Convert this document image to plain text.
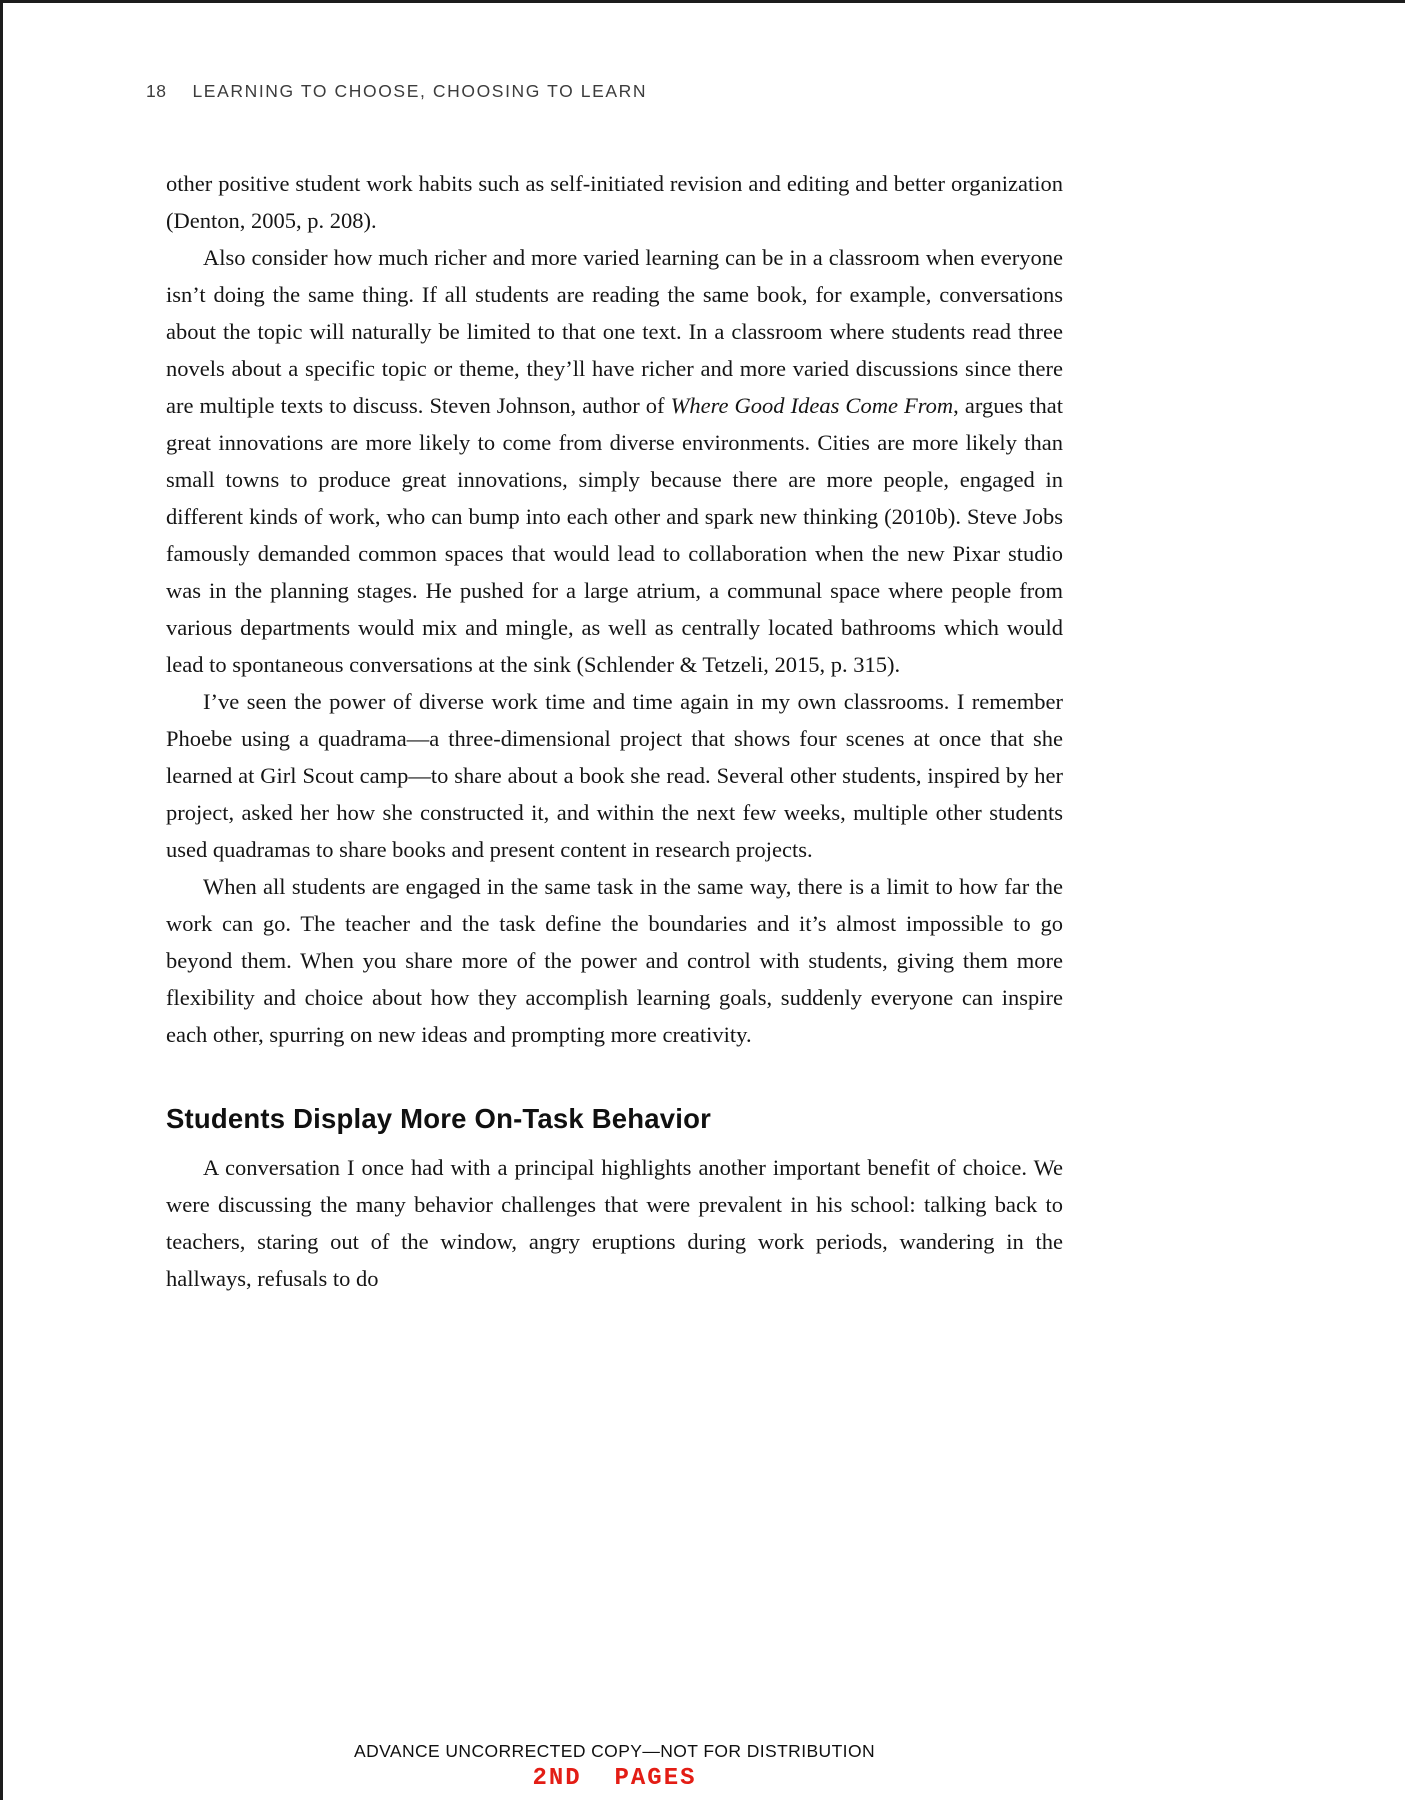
18 LEARNING TO CHOOSE, CHOOSING TO LEARN

other positive student work habits such as self-initiated revision and editing and better organization (Denton, 2005, p. 208).

Also consider how much richer and more varied learning can be in a classroom when everyone isn’t doing the same thing. If all students are reading the same book, for example, conversations about the topic will naturally be limited to that one text. In a classroom where students read three novels about a specific topic or theme, they’ll have richer and more varied discussions since there are multiple texts to discuss. Steven Johnson, author of Where Good Ideas Come From, argues that great innovations are more likely to come from diverse environments. Cities are more likely than small towns to produce great innovations, simply because there are more people, engaged in different kinds of work, who can bump into each other and spark new thinking (2010b). Steve Jobs famously demanded common spaces that would lead to collaboration when the new Pixar studio was in the planning stages. He pushed for a large atrium, a communal space where people from various departments would mix and mingle, as well as centrally located bathrooms which would lead to spontaneous conversations at the sink (Schlender & Tetzeli, 2015, p. 315).

I’ve seen the power of diverse work time and time again in my own classrooms. I remember Phoebe using a quadrama—a three-dimensional project that shows four scenes at once that she learned at Girl Scout camp—to share about a book she read. Several other students, inspired by her project, asked her how she constructed it, and within the next few weeks, multiple other students used quadramas to share books and present content in research projects.

When all students are engaged in the same task in the same way, there is a limit to how far the work can go. The teacher and the task define the boundaries and it’s almost impossible to go beyond them. When you share more of the power and control with students, giving them more flexibility and choice about how they accomplish learning goals, suddenly everyone can inspire each other, spurring on new ideas and prompting more creativity.

Students Display More On-Task Behavior

A conversation I once had with a principal highlights another important benefit of choice. We were discussing the many behavior challenges that were prevalent in his school: talking back to teachers, staring out of the window, angry eruptions during work periods, wandering in the hallways, refusals to do

ADVANCE UNCORRECTED COPY—NOT FOR DISTRIBUTION
2ND  PAGES
